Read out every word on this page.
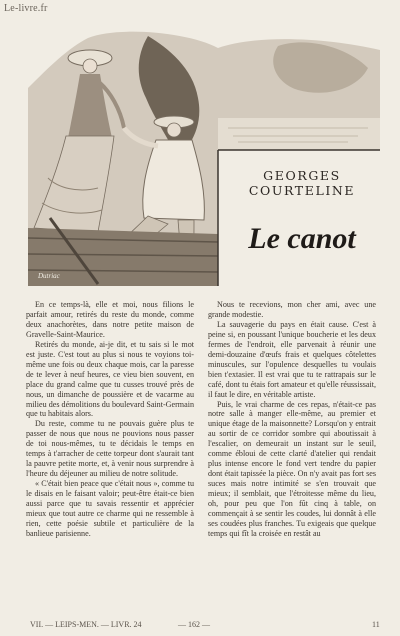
Le-livre.fr
Dutriac
GEORGES COURTELINE
Le canot

En ce temps-là, elle et moi, nous filions le parfait amour, retirés du reste du monde, comme deux anachorètes, dans notre petite maison de Gravelle-Saint-Maurice.

Retirés du monde, ai-je dit, et tu sais si le mot est juste. C'est tout au plus si nous te voyions toi-même une fois ou deux chaque mois, car la paresse de te lever à neuf heures, ce vieu bien souvent, en place du grand calme que tu cusses trouvé près de nous, un dimanche de poussière et de vacarme au milieu des démolitions du boulevard Saint-Germain que tu habitais alors.

Du reste, comme tu ne pouvais guère plus te passer de nous que nous ne pouvions nous passer de toi nous-mêmes, tu te décidais le temps en temps à t'arracher de cette torpeur dont s'aurait tant la pauvre petite morte, et, à venir nous surprendre à l'heure du déjeuner au milieu de notre solitude.

« C'était bien peace que c'était nous », comme tu le disais en le faisant valoir; peut-être était-ce bien aussi parce que tu savais ressentir et apprécier mieux que tout autre ce charme qui ne ressemble à rien, cette poésie subtile et particulière de la banlieue parisienne.

Nous te recevions, mon cher ami, avec une grande modestie.

La sauvagerie du pays en était cause. C'est à peine si, en poussant l'unique boucherie et les deux fermes de l'endroit, elle parvenait à réunir une demi-douzaine d'œufs frais et quelques côtelettes minuscules, sur l'opulence desquelles tu voulais bien t'extasier. Il est vrai que tu te rattrapais sur le café, dont tu étais fort amateur et qu'elle réussissait, il faut le dire, en véritable artiste.

Puis, le vrai charme de ces repas, n'était-ce pas notre salle à manger elle-même, au premier et unique étage de la maisonnette? Lorsqu'on y entrait au sortir de ce corridor sombre qui aboutissait à l'escalier, on demeurait un instant sur le seuil, comme ébloui de cette clarté d'atelier qui rendait plus intense encore le fond vert tendre du papier dont était tapissée la pièce. On n'y avait pas fort ses suces mais notre intimité se s'en trouvait que mieux; il semblait, que l'étroitesse même du lieu, oh, pour peu que l'on fût cinq à table, on commençait à se sentir les coudes, lui donnât à elle ses coudées plus franches. Tu exigeais que quelque temps qui fît la croisée en restât au

VII. — LEIPS-MEN. — LIVR. 24	— 162 —	11
